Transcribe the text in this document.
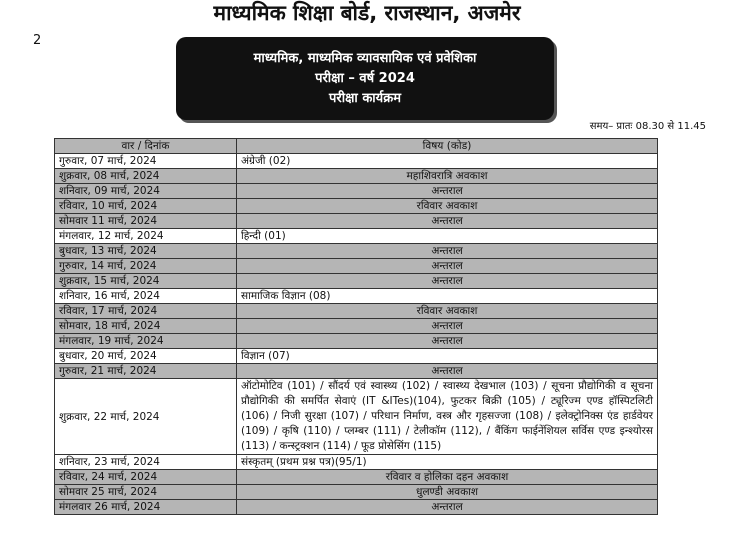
माध्यमिक शिक्षा बोर्ड, राजस्थान, अजमेर
2
माध्यमिक, माध्यमिक व्यावसायिक एवं प्रवेशिका
परीक्षा – वर्ष 2024
परीक्षा कार्यक्रम
समय– प्रातः 08.30 से 11.45
वार / दिनांक	विषय (कोड)
गुरुवार, 07 मार्च, 2024	अंग्रेजी (02)
शुक्रवार, 08 मार्च, 2024	महाशिवरात्रि अवकाश
शनिवार, 09 मार्च, 2024	अन्तराल
रविवार, 10 मार्च, 2024	रविवार अवकाश
सोमवार 11 मार्च, 2024	अन्तराल
मंगलवार, 12 मार्च, 2024	हिन्दी (01)
बुधवार, 13 मार्च, 2024	अन्तराल
गुरुवार, 14 मार्च, 2024	अन्तराल
शुक्रवार, 15 मार्च, 2024	अन्तराल
शनिवार, 16 मार्च, 2024	सामाजिक विज्ञान (08)
रविवार, 17 मार्च, 2024	रविवार अवकाश
सोमवार, 18 मार्च, 2024	अन्तराल
मंगलवार, 19 मार्च, 2024	अन्तराल
बुधवार, 20 मार्च, 2024	विज्ञान (07)
गुरुवार, 21 मार्च, 2024	अन्तराल
शुक्रवार, 22 मार्च, 2024	ऑटोमोटिव (101) / सौंदर्य एवं स्वास्थ्य (102) / स्वास्थ्य देखभाल (103) / सूचना प्रौद्योगिकी व सूचना प्रौद्योगिकी की समर्पित सेवाएं (IT &ITes)(104), फुटकर बिक्री (105) / ट्यूरिज्म एण्ड हॉस्पिटलिटी (106) / निजी सुरक्षा (107) / परिधान निर्माण, वस्त्र और गृहसज्जा (108) / इलेक्ट्रोनिक्स एंड हार्डवेयर (109) / कृषि (110) / प्लम्बर (111) / टेलीकॉम (112), / बैंकिंग फाईनेंशियल सर्विस एण्ड इन्श्योरस (113) / कन्स्ट्रक्शन (114) / फूड प्रोसेसिंग (115)
शनिवार, 23 मार्च, 2024	संस्कृतम् (प्रथम प्रश्न पत्र)(95/1)
रविवार, 24 मार्च, 2024	रविवार व होलिका दहन अवकाश
सोमवार 25 मार्च, 2024	धुलण्डी अवकाश
मंगलवार 26 मार्च, 2024	अन्तराल
